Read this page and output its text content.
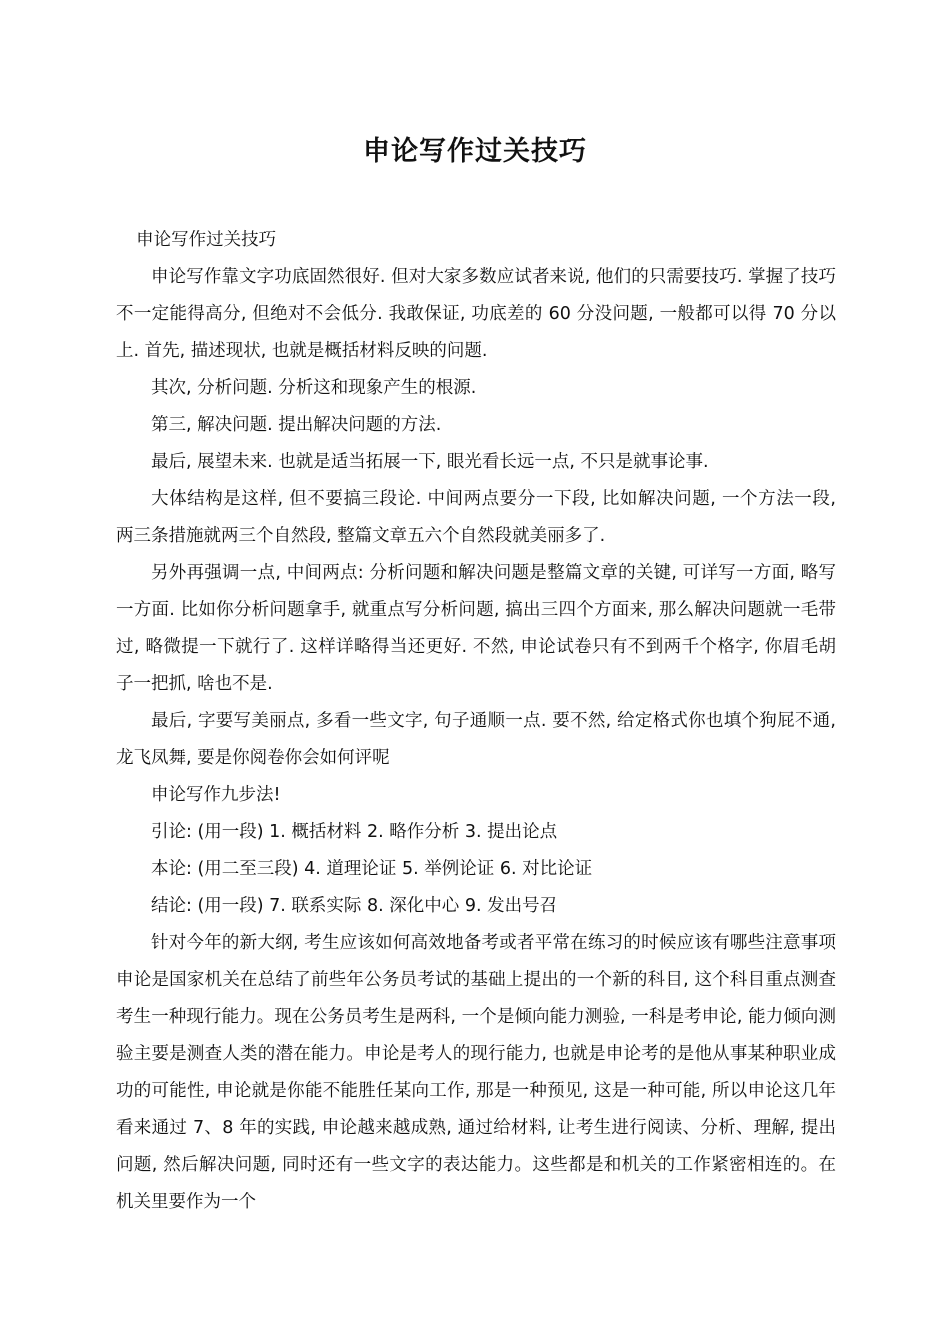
申论写作过关技巧

申论写作过关技巧

申论写作靠文字功底固然很好. 但对大家多数应试者来说, 他们的只需要技巧. 掌握了技巧不一定能得高分, 但绝对不会低分. 我敢保证, 功底差的 60 分没问题, 一般都可以得 70 分以上. 首先, 描述现状, 也就是概括材料反映的问题.

其次, 分析问题. 分析这和现象产生的根源.

第三, 解决问题. 提出解决问题的方法.

最后, 展望未来. 也就是适当拓展一下, 眼光看长远一点, 不只是就事论事.

大体结构是这样, 但不要搞三段论. 中间两点要分一下段, 比如解决问题, 一个方法一段, 两三条措施就两三个自然段, 整篇文章五六个自然段就美丽多了.

另外再强调一点, 中间两点: 分析问题和解决问题是整篇文章的关键, 可详写一方面, 略写一方面. 比如你分析问题拿手, 就重点写分析问题, 搞出三四个方面来, 那么解决问题就一毛带过, 略微提一下就行了. 这样详略得当还更好. 不然, 申论试卷只有不到两千个格字, 你眉毛胡子一把抓, 啥也不是.

最后, 字要写美丽点, 多看一些文字, 句子通顺一点. 要不然, 给定格式你也填个狗屁不通, 龙飞凤舞, 要是你阅卷你会如何评呢

申论写作九步法!

引论: (用一段) 1. 概括材料 2. 略作分析 3. 提出论点

本论: (用二至三段) 4. 道理论证 5. 举例论证 6. 对比论证

结论: (用一段) 7. 联系实际 8. 深化中心 9. 发出号召

针对今年的新大纲, 考生应该如何高效地备考或者平常在练习的时候应该有哪些注意事项申论是国家机关在总结了前些年公务员考试的基础上提出的一个新的科目, 这个科目重点测查考生一种现行能力。现在公务员考生是两科, 一个是倾向能力测验, 一科是考申论, 能力倾向测验主要是测查人类的潜在能力。申论是考人的现行能力, 也就是申论考的是他从事某种职业成功的可能性, 申论就是你能不能胜任某向工作, 那是一种预见, 这是一种可能, 所以申论这几年看来通过 7、8 年的实践, 申论越来越成熟, 通过给材料, 让考生进行阅读、分析、理解, 提出问题, 然后解决问题, 同时还有一些文字的表达能力。这些都是和机关的工作紧密相连的。在机关里要作为一个
